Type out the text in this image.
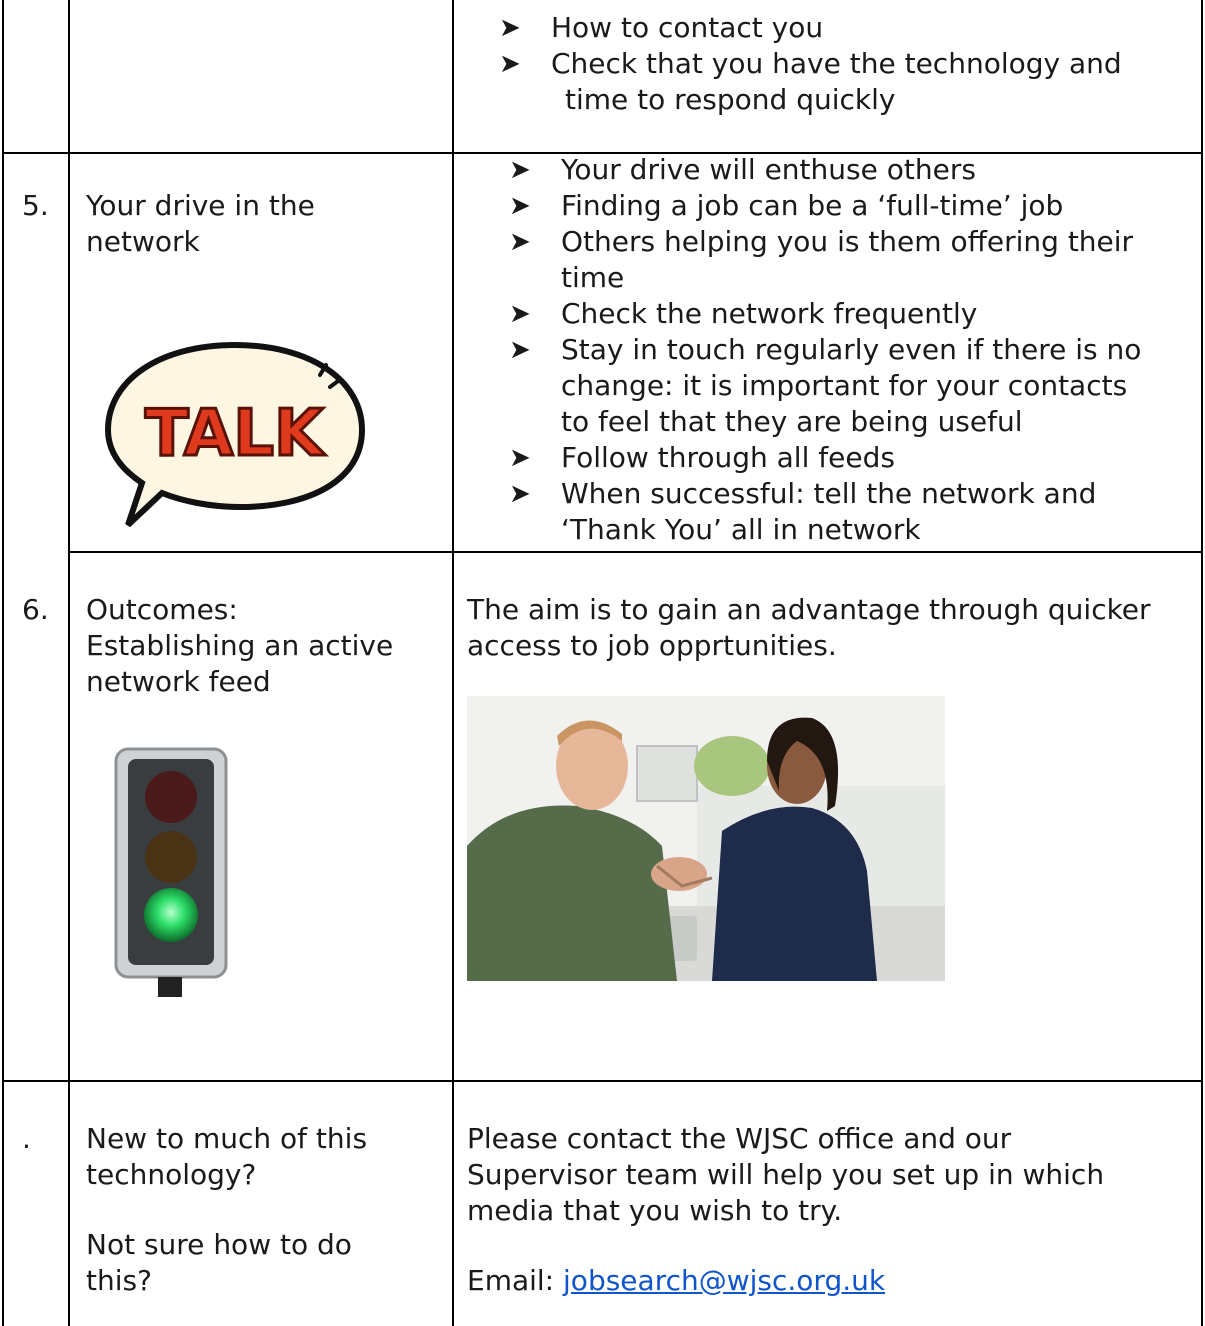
➤ How to contact you
➤ Check that you have the technology and
time to respond quickly
5. Your drive in the
network
TALK
➤ Your drive will enthuse others
➤ Finding a job can be a ‘full-time’ job
➤ Others helping you is them offering their
time
➤ Check the network frequently
➤ Stay in touch regularly even if there is no
change: it is important for your contacts
to feel that they are being useful
➤ Follow through all feeds
➤ When successful: tell the network and
‘Thank You’ all in network
6. Outcomes:
Establishing an active
network feed
The aim is to gain an advantage through quicker
access to job opprtunities.
. New to much of this
technology?
Not sure how to do
this?
Please contact the WJSC office and our
Supervisor team will help you set up in which
media that you wish to try.
Email: jobsearch@wjsc.org.uk
